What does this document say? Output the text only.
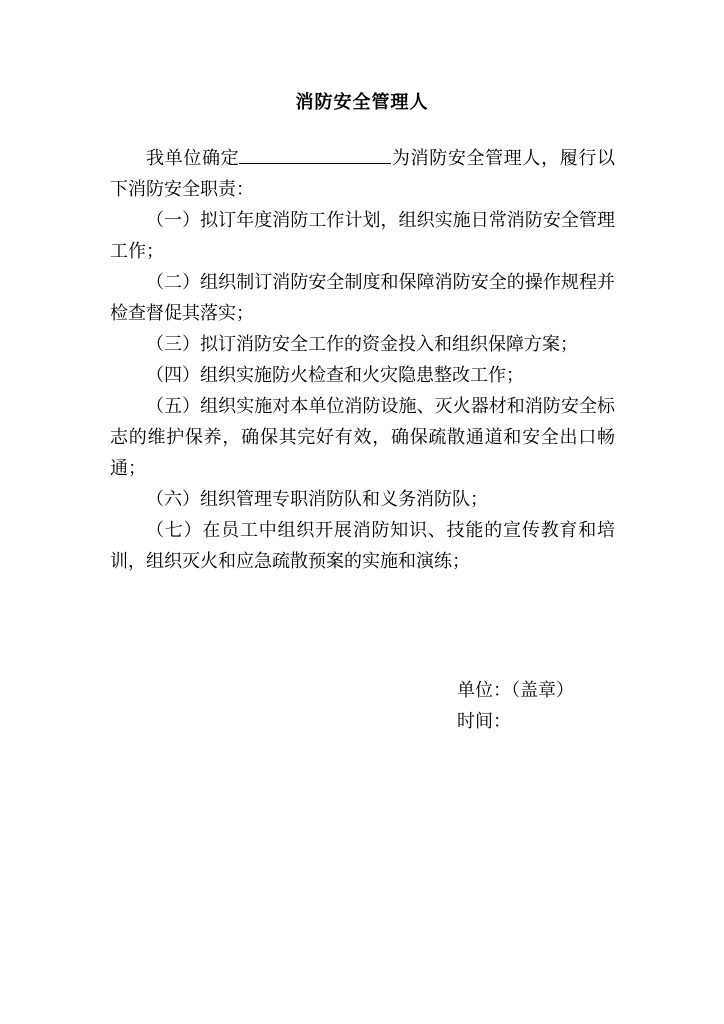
消防安全管理人

我单位确定	为消防安全管理人，履行以下消防安全职责：

（一）拟订年度消防工作计划，组织实施日常消防安全管理工作；

（二）组织制订消防安全制度和保障消防安全的操作规程并检查督促其落实；

（三）拟订消防安全工作的资金投入和组织保障方案；

（四）组织实施防火检查和火灾隐患整改工作；

（五）组织实施对本单位消防设施、灭火器材和消防安全标志的维护保养，确保其完好有效，确保疏散通道和安全出口畅通；

（六）组织管理专职消防队和义务消防队；

（七）在员工中组织开展消防知识、技能的宣传教育和培训，组织灭火和应急疏散预案的实施和演练；

单位：（盖章）
时间：
